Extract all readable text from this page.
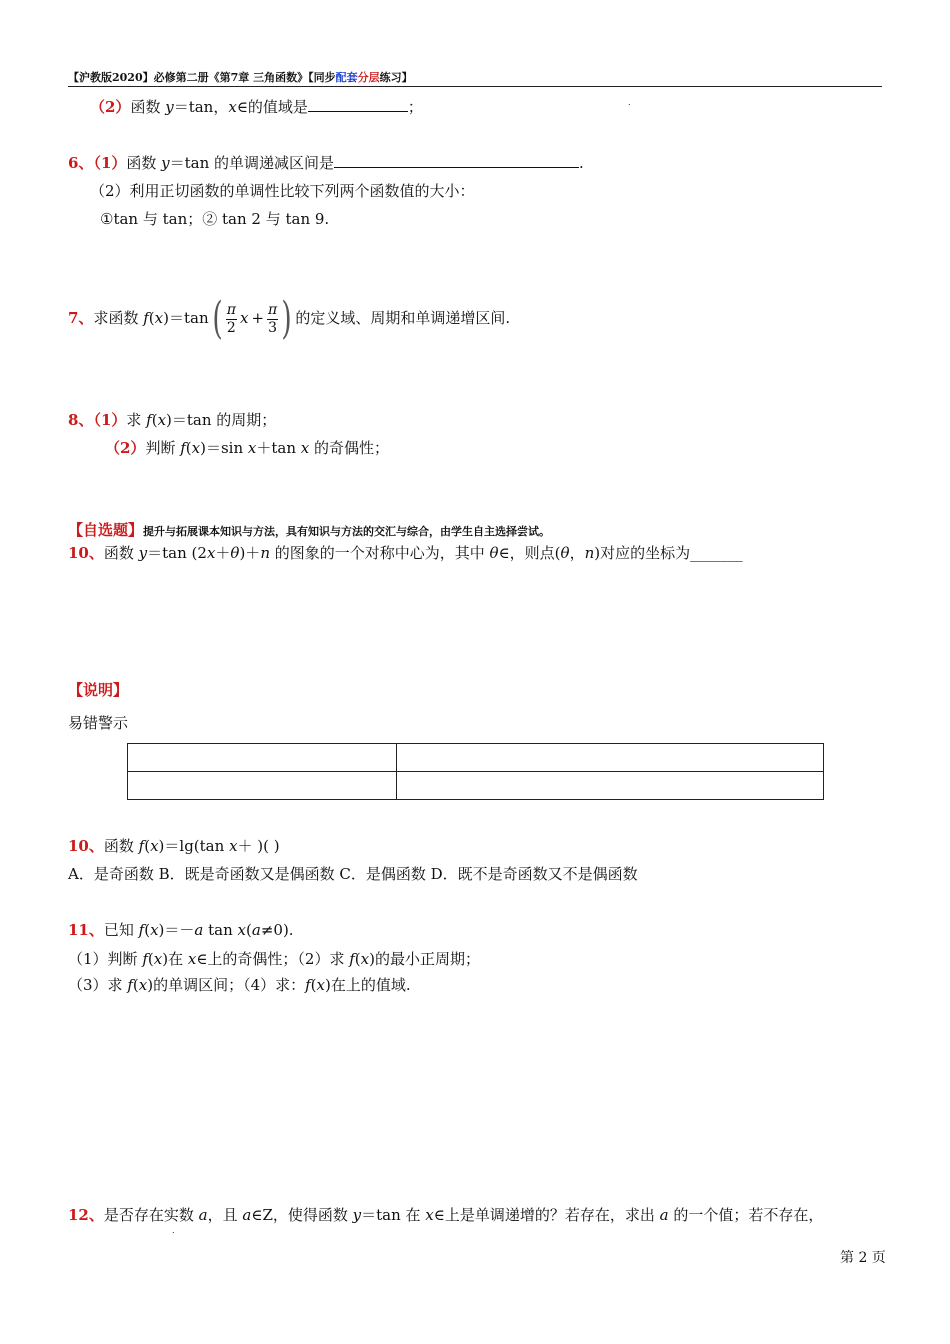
【沪教版2020】必修第二册《第7章 三角函数》【同步配套分层练习】
.
（2）函数 y＝tan，x∈的值域是	；
6、（1）函数 y＝tan 的单调递减区间是	.
（2）利用正切函数的单调性比较下列两个函数值的大小：
①tan 与 tan；② tan 2 与 tan 9.
7、求函数 $f(x)=\tan( \frac{\pi}{2}$ $x + \frac{\pi}{3}$ ) 的定义域、周期和单调递增区间.
8、（1）求 f(x)＝tan 的周期；
（2）判断 f(x)＝sin x＋tan x 的奇偶性；
【自选题】提升与拓展课本知识与方法，具有知识与方法的交汇与综合，由学生自主选择尝试。
10、函数 y＝tan (2x＋θ)＋n 的图象的一个对称中心为，其中 θ∈，则点(θ，n)对应的坐标为_______
【说明】
易错警示

10、函数 f(x)＝lg(tan x＋ )( )
A．是奇函数 B．既是奇函数又是偶函数 C．是偶函数 D．既不是奇函数又不是偶函数
11、已知 f(x)＝－a tan x(a≠0).
（1）判断 f(x)在 x∈上的奇偶性；（2）求 f(x)的最小正周期；
（3）求 f(x)的单调区间；（4）求：f(x)在上的值域.
12、是否存在实数 a，且 a∈Z，使得函数 y＝tan 在 x∈上是单调递增的？若存在，求出 a 的一个值；若不存在，
.
第 2 页
